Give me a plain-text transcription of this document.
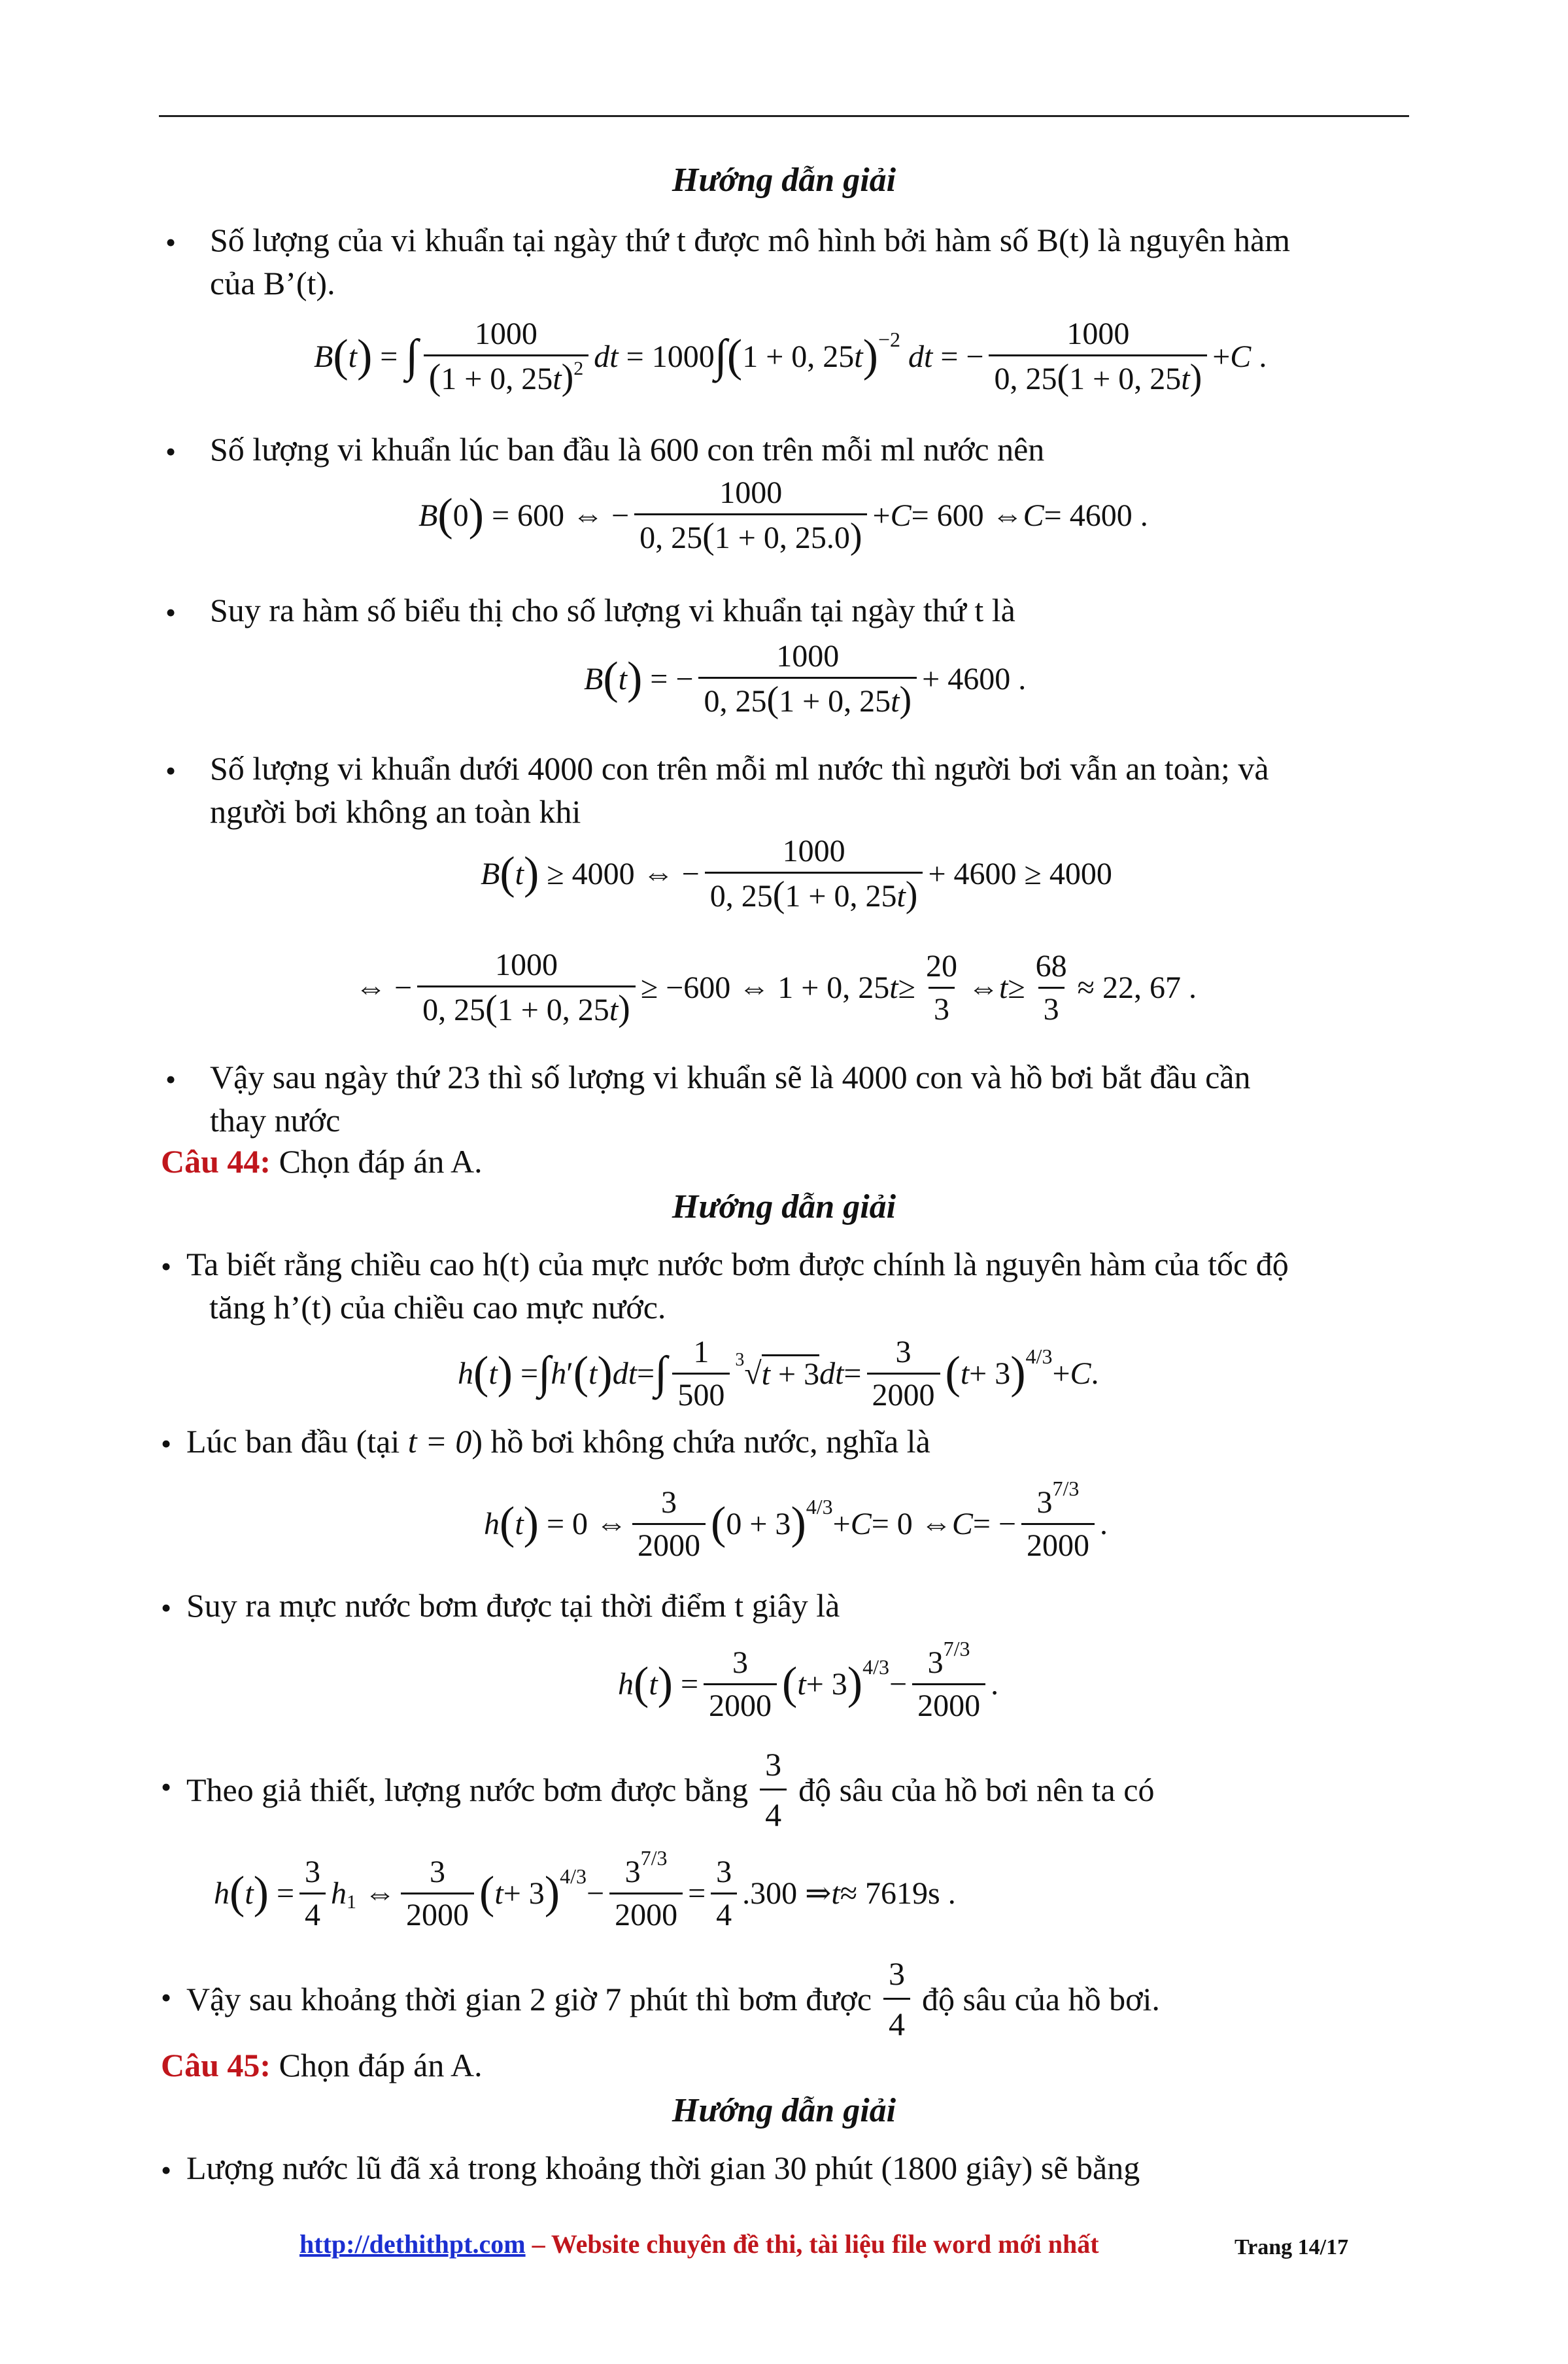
Hướng dẫn giải
• Số lượng của vi khuẩn tại ngày thứ t được mô hình bởi hàm số B(t) là nguyên hàm
của B’(t).
B ( t ) = ∫ $\frac{1000}{(1 + 0, 25t)^2}$ dt = 1000 ∫ ( 1 + 0, 25 t ) −2
dt = − $\frac{1000}{0, 25(1 + 0, 25t)} + C$ .
• Số lượng vi khuẩn lúc ban đầu là 600 con trên mỗi ml nước nên
B ( 0 ) = 600 ⇔ − $\frac{1000}{0, 25(1 + 0, 25.0)} + C = 600$ ⇔ C = 4600 .
• Suy ra hàm số biểu thị cho số lượng vi khuẩn tại ngày thứ t là
B ( t ) = − $\frac{1000}{0, 25(1 + 0, 25t)} + 4600$ .
• Số lượng vi khuẩn dưới 4000 con trên mỗi ml nước thì người bơi vẫn an toàn; và
người bơi không an toàn khi
B ( t ) ≥ 4000 ⇔ − $\frac{1000}{0, 25(1 + 0, 25t)} + 4600 \ge 4000$
⇔ − $\frac{1000}{0, 25(1 + 0, 25t)} \ge -600$ ⇔ 1 + 0, 25 $t \ge \frac{20}{3}$ ⇔ $t \ge \frac{68}{3} \approx 22$, 67 .
• Vậy sau ngày thứ 23 thì số lượng vi khuẩn sẽ là 4000 con và hồ bơi bắt đầu cần
thay nước
Câu 44: Chọn đáp án A.
Hướng dẫn giải
• Ta biết rằng chiều cao h(t) của mực nước bơm được chính là nguyên hàm của tốc độ
tăng h’(t) của chiều cao mực nước.
h ( t ) = ∫ h ′ ( t ) dt = ∫ $\frac{1}{500} 3$ √ t + 3 dt = $\frac{3}{2000}$ ( t + 3 ) 4/3 + C .
• Lúc ban đầu (tại t = 0) hồ bơi không chứa nước, nghĩa là
h ( t ) = 0 ⇔ $\frac{3}{2000}$ ( 0 + 3 ) 4/3 + C = 0 ⇔ C = − $\frac{3^{7/3}}{2000}$ .
• Suy ra mực nước bơm được tại thời điểm t giây là
h ( t ) = $\frac{3}{2000}$ ( t + 3 ) $4/3 - \frac{3^{7/3}}{2000}$ .
• Theo giả thiết, lượng nước bơm được bằng $\frac{3}{4}$ độ sâu của hồ bơi nên ta có
h ( t ) = $\frac{3}{4}$ h 1 ⇔ $\frac{3}{2000}$ ( t + 3 ) $4/3 - \frac{3^{7/3}}{2000} = \frac{3}{4} .300$ ⇒ t ≈ 7619s .
• Vậy sau khoảng thời gian 2 giờ 7 phút thì bơm được $\frac{3}{4}$ độ sâu của hồ bơi.
Câu 45: Chọn đáp án A.
Hướng dẫn giải
• Lượng nước lũ đã xả trong khoảng thời gian 30 phút (1800 giây) sẽ bằng
http://dethithpt.com – Website chuyên đề thi, tài liệu file word mới nhất	Trang 14/17
